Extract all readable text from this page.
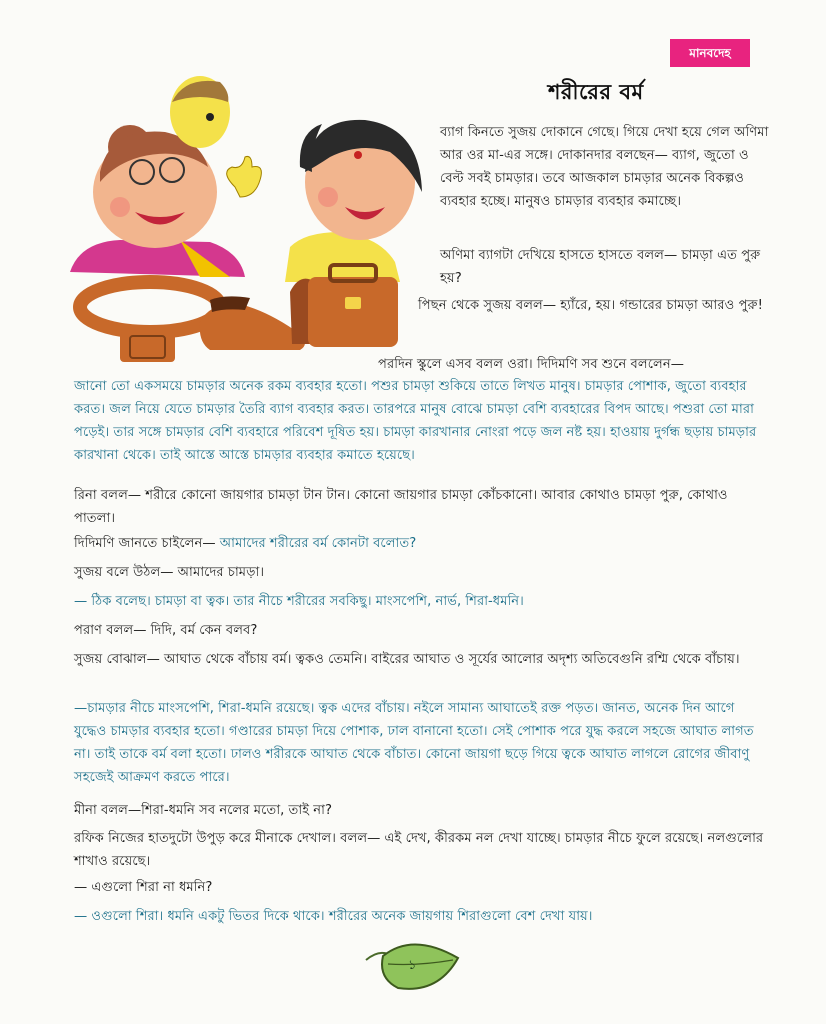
মানবদেহ
শরীরের বর্ম

ব্যাগ কিনতে সুজয় দোকানে গেছে। গিয়ে দেখা হয়ে গেল অণিমা আর ওর মা-এর সঙ্গে। দোকানদার বলছেন— ব্যাগ, জুতো ও বেল্ট সবই চামড়ার। তবে আজকাল চামড়ার অনেক বিকল্পও ব্যবহার হচ্ছে। মানুষও চামড়ার ব্যবহার কমাচ্ছে।

অণিমা ব্যাগটা দেখিয়ে হাসতে হাসতে বলল— চামড়া এত পুরু হয়?

পিছন থেকে সুজয় বলল— হ্যাঁরে, হয়। গন্ডারের চামড়া আরও পুরু!

পরদিন স্কুলে এসব বলল ওরা। দিদিমণি সব শুনে বললেন—

জানো তো একসময়ে চামড়ার অনেক রকম ব্যবহার হতো। পশুর চামড়া শুকিয়ে তাতে লিখত মানুষ। চামড়ার পোশাক, জুতো ব্যবহার করত। জল নিয়ে যেতে চামড়ার তৈরি ব্যাগ ব্যবহার করত। তারপরে মানুষ বোঝে চামড়া বেশি ব্যবহারের বিপদ আছে। পশুরা তো মারা পড়েই। তার সঙ্গে চামড়ার বেশি ব্যবহারে পরিবেশ দূষিত হয়। চামড়া কারখানার নোংরা পড়ে জল নষ্ট হয়। হাওয়ায় দুর্গন্ধ ছড়ায় চামড়ার কারখানা থেকে। তাই আস্তে আস্তে চামড়ার ব্যবহার কমাতে হয়েছে।

রিনা বলল— শরীরে কোনো জায়গার চামড়া টান টান। কোনো জায়গার চামড়া কোঁচকানো। আবার কোথাও চামড়া পুরু, কোথাও পাতলা।

দিদিমণি জানতে চাইলেন— আমাদের শরীরের বর্ম কোনটা বলোত?

সুজয় বলে উঠল— আমাদের চামড়া।

— ঠিক বলেছ। চামড়া বা ত্বক। তার নীচে শরীরের সবকিছু। মাংসপেশি, নার্ভ, শিরা-ধমনি।

পরাণ বলল— দিদি, বর্ম কেন বলব?

সুজয় বোঝাল— আঘাত থেকে বাঁচায় বর্ম। ত্বকও তেমনি। বাইরের আঘাত ও সূর্যের আলোর অদৃশ্য অতিবেগুনি রশ্মি থেকে বাঁচায়।

—চামড়ার নীচে মাংসপেশি, শিরা-ধমনি রয়েছে। ত্বক এদের বাঁচায়। নইলে সামান্য আঘাতেই রক্ত পড়ত। জানত, অনেক দিন আগে যুদ্ধেও চামড়ার ব্যবহার হতো। গণ্ডারের চামড়া দিয়ে পোশাক, ঢাল বানানো হতো। সেই পোশাক পরে যুদ্ধ করলে সহজে আঘাত লাগত না। তাই তাকে বর্ম বলা হতো। ঢালও শরীরকে আঘাত থেকে বাঁচাত। কোনো জায়গা ছড়ে গিয়ে ত্বকে আঘাত লাগলে রোগের জীবাণু সহজেই আক্রমণ করতে পারে।

মীনা বলল—শিরা-ধমনি সব নলের মতো, তাই না?

রফিক নিজের হাতদুটো উপুড় করে মীনাকে দেখাল। বলল— এই দেখ, কীরকম নল দেখা যাচ্ছে। চামড়ার নীচে ফুলে রয়েছে। নলগুলোর শাখাও রয়েছে।

— এগুলো শিরা না ধমনি?

— ওগুলো শিরা। ধমনি একটু ভিতর দিকে থাকে। শরীরের অনেক জায়গায় শিরাগুলো বেশ দেখা যায়।

১
